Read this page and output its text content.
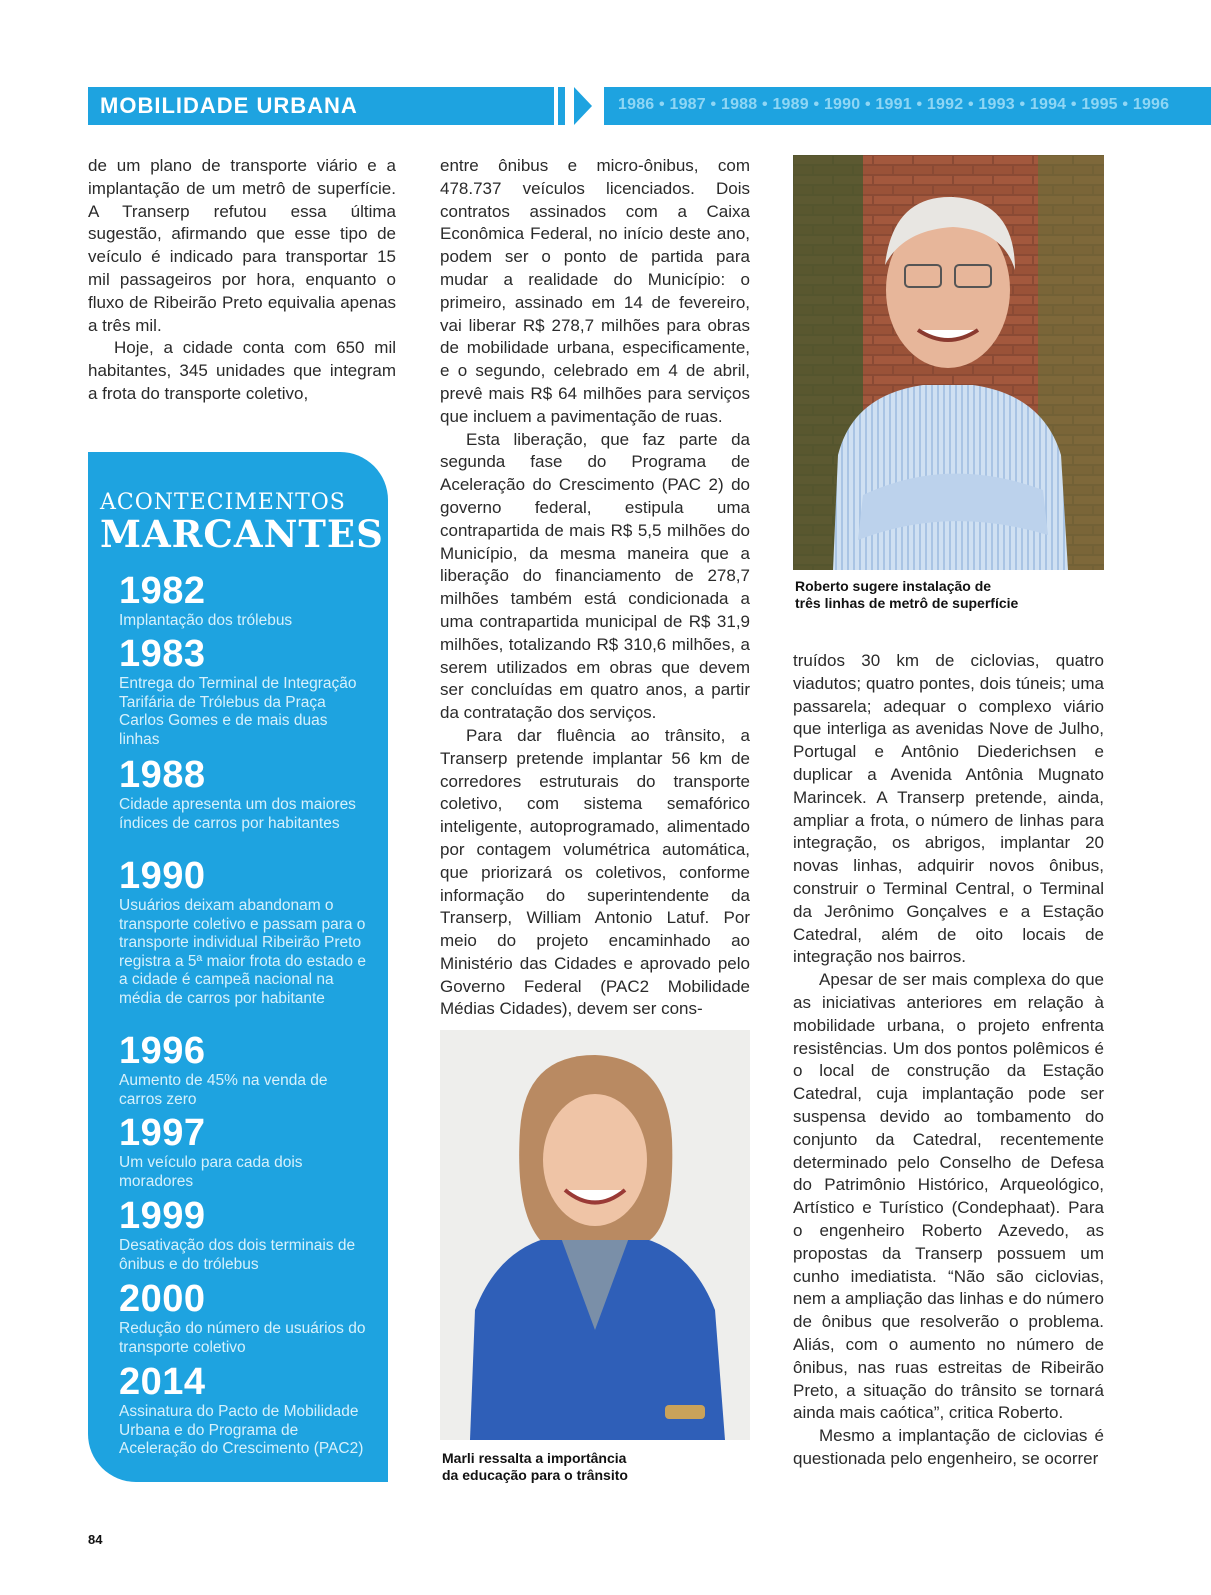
MOBILIDADE URBANA	1986 • 1987 • 1988 • 1989 • 1990 • 1991 • 1992 • 1993 • 1994 • 1995 • 1996

de um plano de transporte viário e a implantação de um metrô de superfície. A Transerp refutou essa última sugestão, afirmando que esse tipo de veículo é indicado para transportar 15 mil passageiros por hora, enquanto o fluxo de Ribeirão Preto equivalia apenas a três mil.

Hoje, a cidade conta com 650 mil habitantes, 345 unidades que integram a frota do transporte coletivo,

ACONTECIMENTOS
MARCANTES
1982
Implantação dos trólebus
1983
Entrega do Terminal de Integração Tarifária de Trólebus da Praça Carlos Gomes e de mais duas linhas
1988
Cidade apresenta um dos maiores índices de carros por habitantes
1990
Usuários deixam abandonam o transporte coletivo e passam para o transporte individual Ribeirão Preto registra a 5ª maior frota do estado e a cidade é campeã nacional na média de carros por habitante
1996
Aumento de 45% na venda de carros zero
1997
Um veículo para cada dois moradores
1999
Desativação dos dois terminais de ônibus e do trólebus
2000
Redução do número de usuários do transporte coletivo
2014
Assinatura do Pacto de Mobilidade Urbana e do Programa de Aceleração do Crescimento (PAC2)

entre ônibus e micro-ônibus, com 478.737 veículos licenciados. Dois contratos assinados com a Caixa Econômica Federal, no início deste ano, podem ser o ponto de partida para mudar a realidade do Município: o primeiro, assinado em 14 de fevereiro, vai liberar R$ 278,7 milhões para obras de mobilidade urbana, especificamente, e o segundo, celebrado em 4 de abril, prevê mais R$ 64 milhões para serviços que incluem a pavimentação de ruas.

Esta liberação, que faz parte da segunda fase do Programa de Aceleração do Crescimento (PAC 2) do governo federal, estipula uma contrapartida de mais R$ 5,5 milhões do Município, da mesma maneira que a liberação do financiamento de 278,7 milhões também está condicionada a uma contrapartida municipal de R$ 31,9 milhões, totalizando R$ 310,6 milhões, a serem utilizados em obras que devem ser concluídas em quatro anos, a partir da contratação dos serviços.

Para dar fluência ao trânsito, a Transerp pretende implantar 56 km de corredores estruturais do transporte coletivo, com sistema semafórico inteligente, autoprogramado, alimentado por contagem volumétrica automática, que priorizará os coletivos, conforme informação do superintendente da Transerp, William Antonio Latuf. Por meio do projeto encaminhado ao Ministério das Cidades e aprovado pelo Governo Federal (PAC2 Mobilidade Médias Cidades), devem ser cons-

Roberto sugere instalação de
três linhas de metrô de superfície

truídos 30 km de ciclovias, quatro viadutos; quatro pontes, dois túneis; uma passarela; adequar o complexo viário que interliga as avenidas Nove de Julho, Portugal e Antônio Diederichsen e duplicar a Avenida Antônia Mugnato Marincek. A Transerp pretende, ainda, ampliar a frota, o número de linhas para integração, os abrigos, implantar 20 novas linhas, adquirir novos ônibus, construir o Terminal Central, o Terminal da Jerônimo Gonçalves e a Estação Catedral, além de oito locais de integração nos bairros.

Apesar de ser mais complexa do que as iniciativas anteriores em relação à mobilidade urbana, o projeto enfrenta resistências. Um dos pontos polêmicos é o local de construção da Estação Catedral, cuja implantação pode ser suspensa devido ao tombamento do conjunto da Catedral, recentemente determinado pelo Conselho de Defesa do Patrimônio Histórico, Arqueológico, Artístico e Turístico (Condephaat). Para o engenheiro Roberto Azevedo, as propostas da Transerp possuem um cunho imediatista. “Não são ciclovias, nem a ampliação das linhas e do número de ônibus que resolverão o problema. Aliás, com o aumento no número de ônibus, nas ruas estreitas de Ribeirão Preto, a situação do trânsito se tornará ainda mais caótica”, critica Roberto.

Mesmo a implantação de ciclovias é questionada pelo engenheiro, se ocorrer

Marli ressalta a importância
da educação para o trânsito
84
